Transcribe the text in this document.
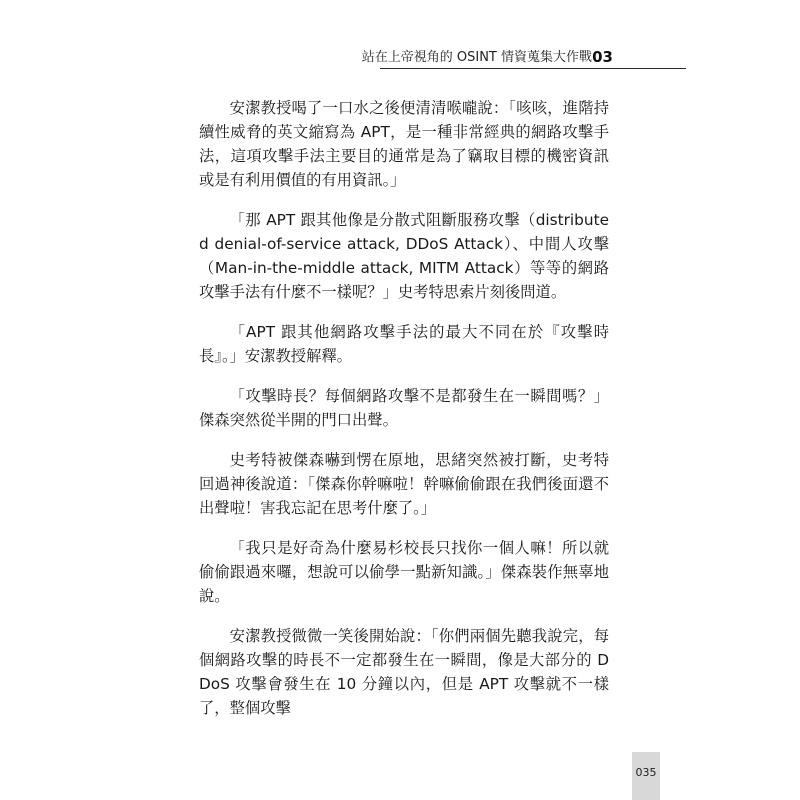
站在上帝視角的 OSINT 情資蒐集大作戰 03

安潔教授喝了一口水之後便清清喉嚨說：「咳咳，進階持續性威脅的英文縮寫為 APT，是一種非常經典的網路攻擊手法，這項攻擊手法主要目的通常是為了竊取目標的機密資訊或是有利用價值的有用資訊。」

「那 APT 跟其他像是分散式阻斷服務攻擊（distributed denial-of-service attack, DDoS Attack）、中間人攻擊（Man-in-the-middle attack, MITM Attack）等等的網路攻擊手法有什麼不一樣呢？」史考特思索片刻後問道。

「APT 跟其他網路攻擊手法的最大不同在於『攻擊時長』。」安潔教授解釋。

「攻擊時長？每個網路攻擊不是都發生在一瞬間嗎？」傑森突然從半開的門口出聲。

史考特被傑森嚇到愣在原地，思緒突然被打斷，史考特回過神後說道：「傑森你幹嘛啦！幹嘛偷偷跟在我們後面還不出聲啦！害我忘記在思考什麼了。」

「我只是好奇為什麼易杉校長只找你一個人嘛！所以就偷偷跟過來囉，想說可以偷學一點新知識。」傑森裝作無辜地說。

安潔教授微微一笑後開始說：「你們兩個先聽我說完，每個網路攻擊的時長不一定都發生在一瞬間，像是大部分的 DDoS 攻擊會發生在 10 分鐘以內，但是 APT 攻擊就不一樣了，整個攻擊

035
